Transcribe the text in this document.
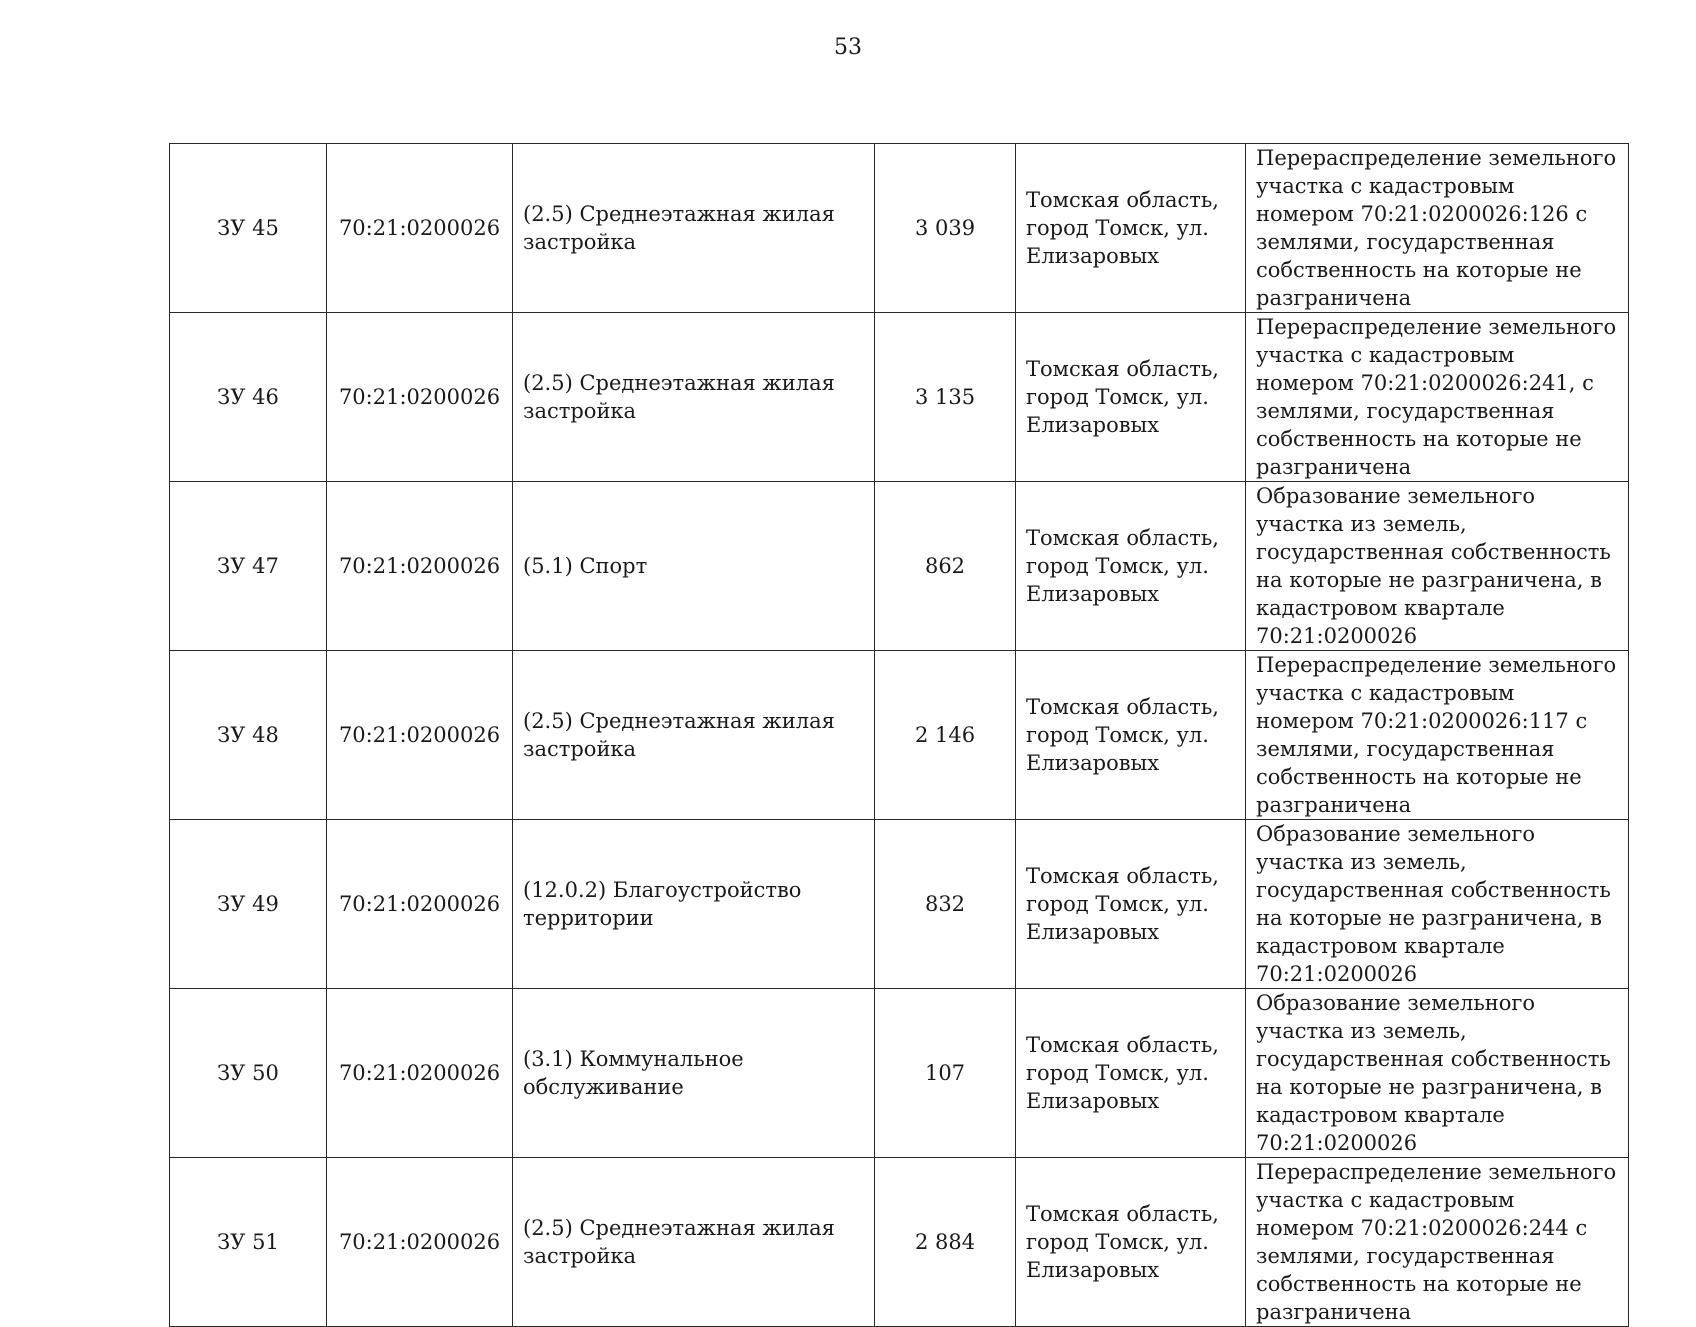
53
ЗУ 45	70:21:0200026	(2.5) Среднеэтажная жилая застройка	3 039	Томская область, город Томск, ул. Елизаровых	Перераспределение земельного участка с кадастровым номером 70:21:0200026:126 с землями, государственная собственность на которые не разграничена
ЗУ 46	70:21:0200026	(2.5) Среднеэтажная жилая застройка	3 135	Томская область, город Томск, ул. Елизаровых	Перераспределение земельного участка с кадастровым номером 70:21:0200026:241, с землями, государственная собственность на которые не разграничена
ЗУ 47	70:21:0200026	(5.1) Спорт	862	Томская область, город Томск, ул. Елизаровых	Образование земельного участка из земель, государственная собственность на которые не разграничена, в кадастровом квартале 70:21:0200026
ЗУ 48	70:21:0200026	(2.5) Среднеэтажная жилая застройка	2 146	Томская область, город Томск, ул. Елизаровых	Перераспределение земельного участка с кадастровым номером 70:21:0200026:117 с землями, государственная собственность на которые не разграничена
ЗУ 49	70:21:0200026	(12.0.2) Благоустройство территории	832	Томская область, город Томск, ул. Елизаровых	Образование земельного участка из земель, государственная собственность на которые не разграничена, в кадастровом квартале 70:21:0200026
ЗУ 50	70:21:0200026	(3.1) Коммунальное обслуживание	107	Томская область, город Томск, ул. Елизаровых	Образование земельного участка из земель, государственная собственность на которые не разграничена, в кадастровом квартале 70:21:0200026
ЗУ 51	70:21:0200026	(2.5) Среднеэтажная жилая застройка	2 884	Томская область, город Томск, ул. Елизаровых	Перераспределение земельного участка с кадастровым номером 70:21:0200026:244 с землями, государственная собственность на которые не разграничена
